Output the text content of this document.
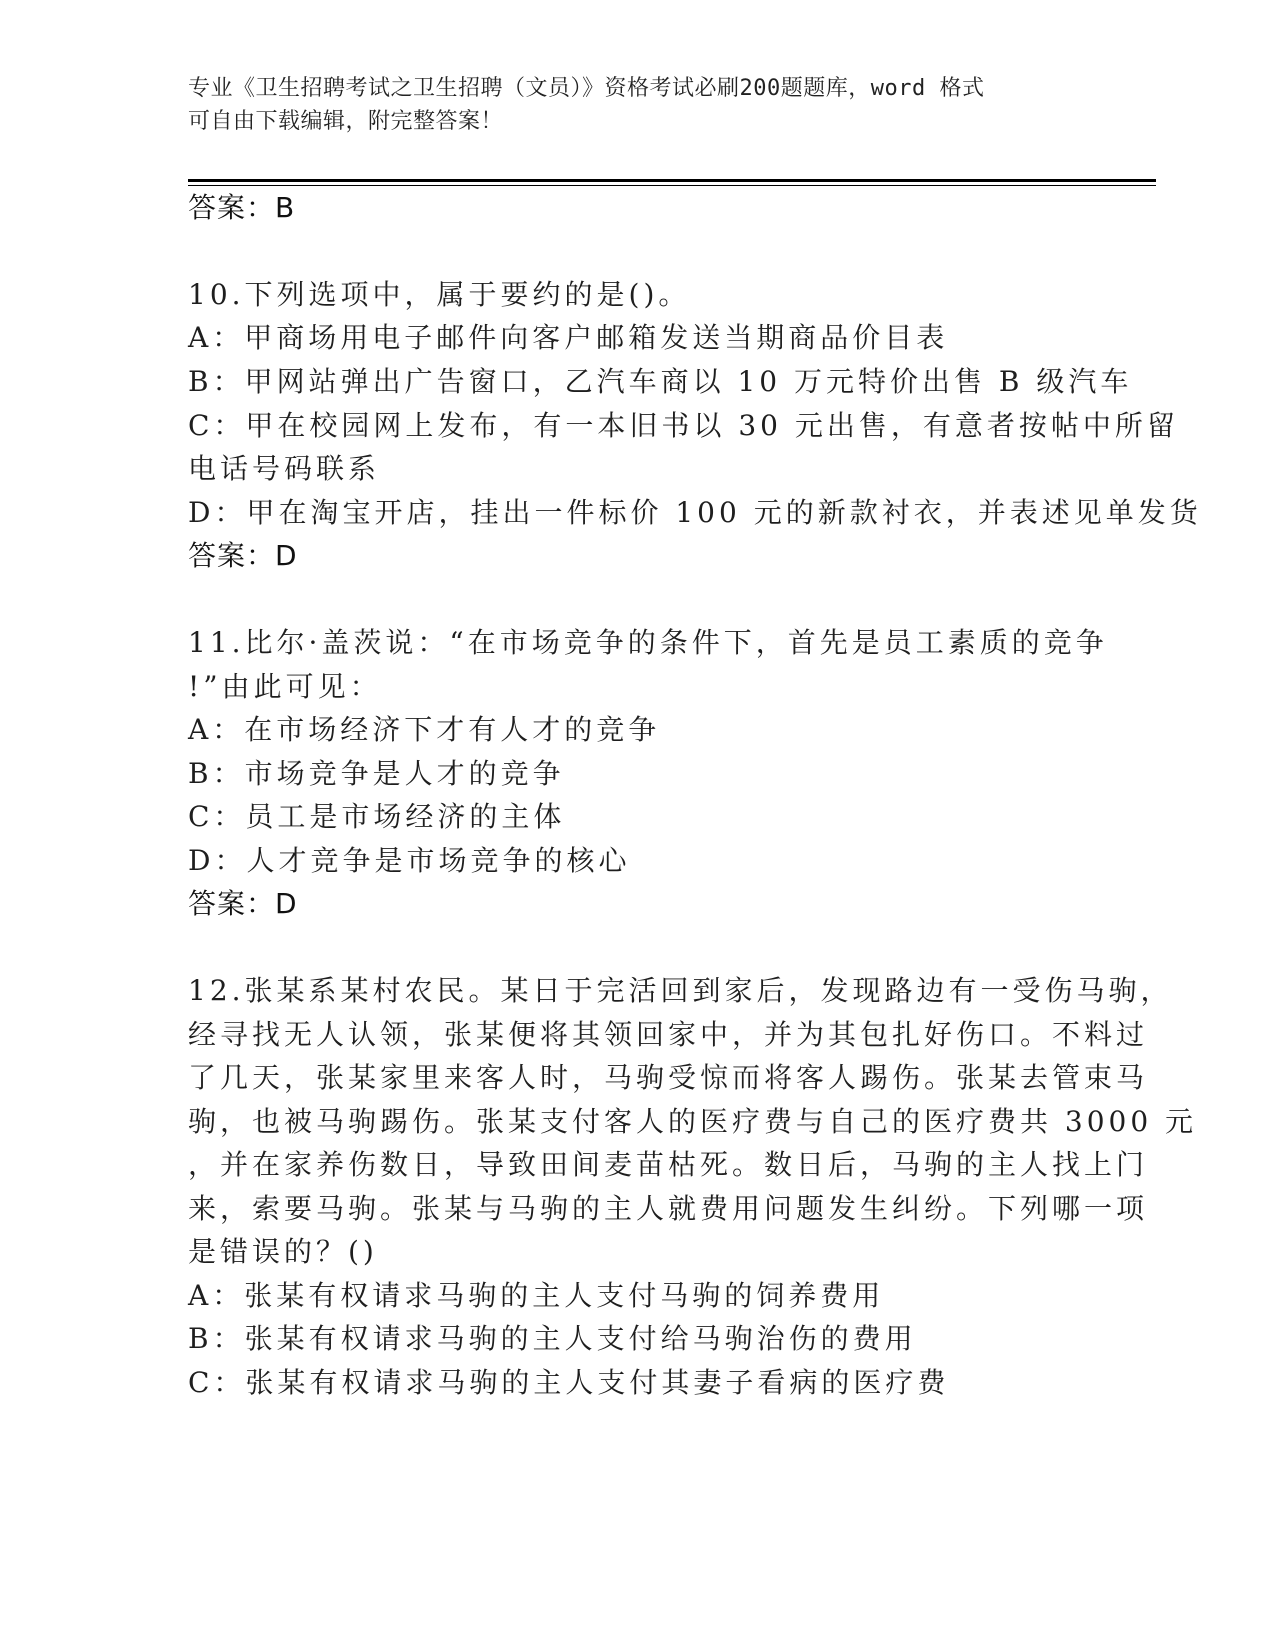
专业《卫生招聘考试之卫生招聘（文员）》资格考试必刷200题题库，word 格式
可自由下载编辑，附完整答案！
答案：B
10.下列选项中，属于要约的是()。
A：甲商场用电子邮件向客户邮箱发送当期商品价目表
B：甲网站弹出广告窗口，乙汽车商以 10 万元特价出售 B 级汽车
C：甲在校园网上发布，有一本旧书以 30 元出售，有意者按帖中所留
电话号码联系
D：甲在淘宝开店，挂出一件标价 100 元的新款衬衣，并表述见单发货
答案：D
11.比尔·盖茨说：“在市场竞争的条件下，首先是员工素质的竞争
!”由此可见：
A：在市场经济下才有人才的竞争
B：市场竞争是人才的竞争
C：员工是市场经济的主体
D：人才竞争是市场竞争的核心
答案：D
12.张某系某村农民。某日于完活回到家后，发现路边有一受伤马驹，
经寻找无人认领，张某便将其领回家中，并为其包扎好伤口。不料过
了几天，张某家里来客人时，马驹受惊而将客人踢伤。张某去管束马
驹，也被马驹踢伤。张某支付客人的医疗费与自己的医疗费共 3000 元
，并在家养伤数日，导致田间麦苗枯死。数日后，马驹的主人找上门
来，索要马驹。张某与马驹的主人就费用问题发生纠纷。下列哪一项
是错误的？()
A：张某有权请求马驹的主人支付马驹的饲养费用
B：张某有权请求马驹的主人支付给马驹治伤的费用
C：张某有权请求马驹的主人支付其妻子看病的医疗费
